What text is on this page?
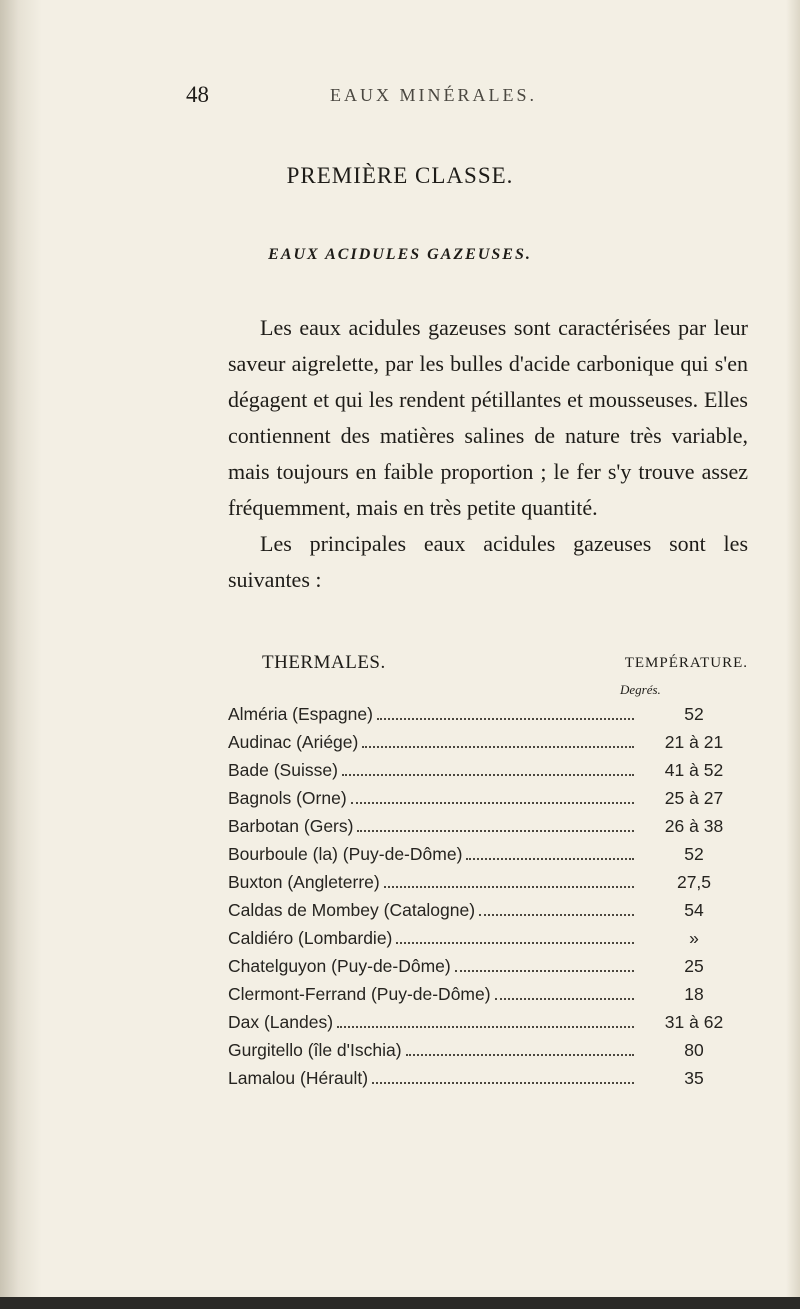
48	EAUX MINÉRALES.
PREMIÈRE CLASSE.
EAUX ACIDULES GAZEUSES.

Les eaux acidules gazeuses sont caractérisées par leur saveur aigrelette, par les bulles d'acide carbonique qui s'en dégagent et qui les rendent pétillantes et mousseuses. Elles contiennent des matières salines de nature très variable, mais toujours en faible proportion ; le fer s'y trouve assez fréquemment, mais en très petite quantité.

Les principales eaux acidules gazeuses sont les suivantes :

THERMALES.	TEMPÉRATURE.
Degrés.
Alméria (Espagne)	52
Audinac (Ariége)	21 à 21
Bade (Suisse)	41 à 52
Bagnols (Orne)	25 à 27
Barbotan (Gers)	26 à 38
Bourboule (la) (Puy-de-Dôme)	52
Buxton (Angleterre)	27,5
Caldas de Mombey (Catalogne)	54
Caldiéro (Lombardie)	»
Chatelguyon (Puy-de-Dôme)	25
Clermont-Ferrand (Puy-de-Dôme)	18
Dax (Landes)	31 à 62
Gurgitello (île d'Ischia)	80
Lamalou (Hérault)	35
